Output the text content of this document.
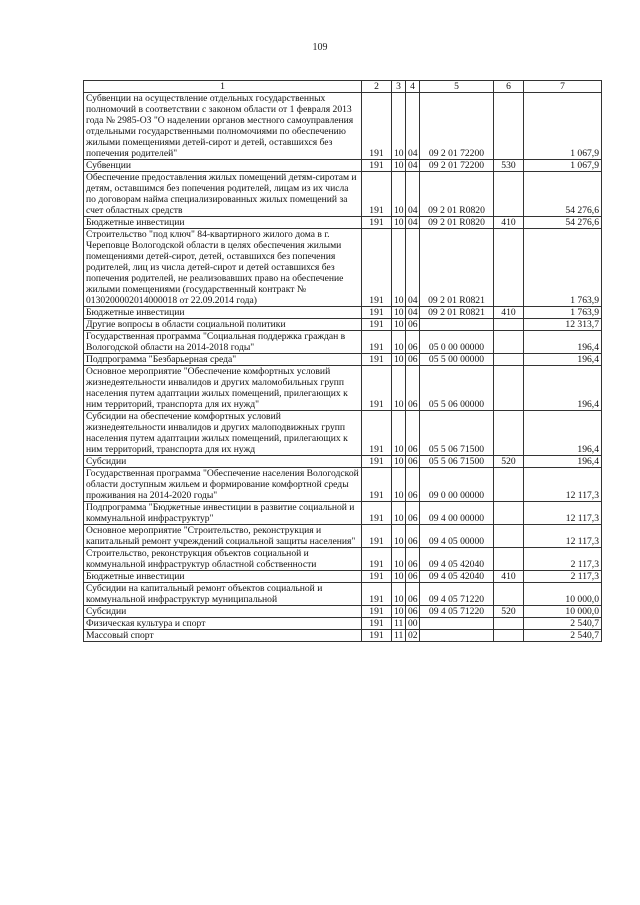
109
1	2	3	4	5	6	7
Субвенции на осуществление отдельных государственных полномочий в соответствии с законом области от 1 февраля 2013 года № 2985-ОЗ "О наделении органов местного самоуправления отдельными государственными полномочиями по обеспечению жилыми помещениями детей-сирот и детей, оставшихся без попечения родителей"	191	10	04	09 2 01 72200		1 067,9
Субвенции	191	10	04	09 2 01 72200	530	1 067,9
Обеспечение предоставления жилых помещений детям-сиротам и детям, оставшимся без попечения родителей, лицам из их числа по договорам найма специализированных жилых помещений за счет областных средств	191	10	04	09 2 01 R0820		54 276,6
Бюджетные инвестиции	191	10	04	09 2 01 R0820	410	54 276,6
Строительство "под ключ" 84-квартирного жилого дома в г. Череповце Вологодской области в целях обеспечения жилыми помещениями детей-сирот, детей, оставшихся без попечения родителей, лиц из числа детей-сирот и детей оставшихся без попечения родителей, не реализовавших право на обеспечение жилыми помещениями (государственный контракт № 0130200002014000018 от 22.09.2014 года)	191	10	04	09 2 01 R0821		1 763,9
Бюджетные инвестиции	191	10	04	09 2 01 R0821	410	1 763,9
Другие вопросы в области социальной политики	191	10	06			12 313,7
Государственная программа "Социальная поддержка граждан в Вологодской области на 2014-2018 годы"	191	10	06	05 0 00 00000		196,4
Подпрограмма "Безбарьерная среда"	191	10	06	05 5 00 00000		196,4
Основное мероприятие "Обеспечение комфортных условий жизнедеятельности инвалидов и других маломобильных групп населения путем адаптации жилых помещений, прилегающих к ним территорий, транспорта для их нужд"	191	10	06	05 5 06 00000		196,4
Субсидии на обеспечение комфортных условий жизнедеятельности инвалидов и других малоподвижных групп населения путем адаптации жилых помещений, прилегающих к ним территорий, транспорта для их нужд	191	10	06	05 5 06 71500		196,4
Субсидии	191	10	06	05 5 06 71500	520	196,4
Государственная программа "Обеспечение населения Вологодской области доступным жильем и формирование комфортной среды проживания на 2014-2020 годы"	191	10	06	09 0 00 00000		12 117,3
Подпрограмма "Бюджетные инвестиции в развитие социальной и коммунальной инфраструктур"	191	10	06	09 4 00 00000		12 117,3
Основное мероприятие "Строительство, реконструкция и капитальный ремонт учреждений социальной защиты населения"	191	10	06	09 4 05 00000		12 117,3
Строительство, реконструкция объектов социальной и коммунальной инфраструктур областной собственности	191	10	06	09 4 05 42040		2 117,3
Бюджетные инвестиции	191	10	06	09 4 05 42040	410	2 117,3
Субсидии на капитальный ремонт объектов социальной и коммунальной инфраструктур муниципальной	191	10	06	09 4 05 71220		10 000,0
Субсидии	191	10	06	09 4 05 71220	520	10 000,0
Физическая культура и спорт	191	11	00			2 540,7
Массовый спорт	191	11	02			2 540,7
